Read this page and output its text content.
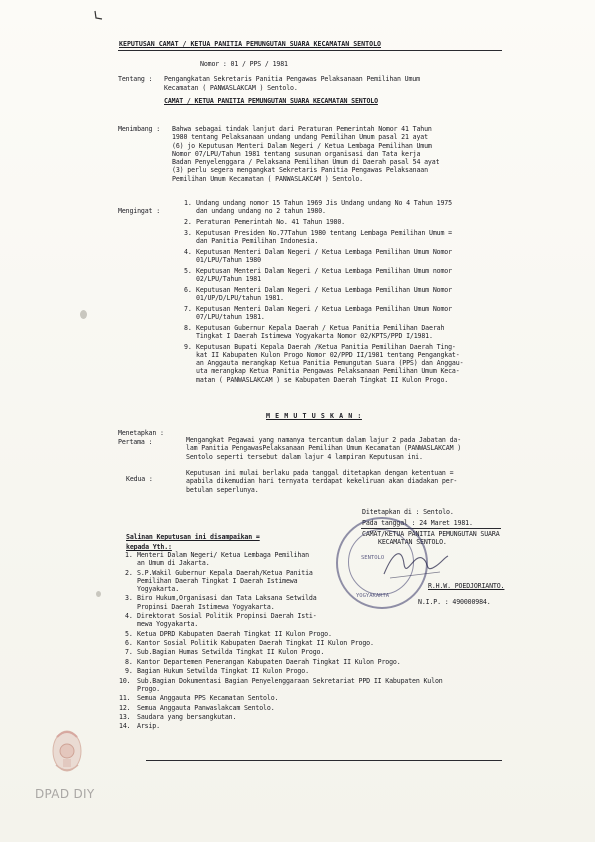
KEPUTUSAN CAMAT / KETUA PANITIA PEMUNGUTAN SUARA KECAMATAN SENTOLO
Nomor : 01 / PPS / 1981
Tentang : Pengangkatan Sekretaris Panitia Pengawas Pelaksanaan Pemilihan Umum
Kecamatan ( PANWASLAKCAM ) Sentolo.
CAMAT / KETUA PANITIA PEMUNGUTAN SUARA KECAMATAN SENTOLO
Menimbang : Bahwa sebagai tindak lanjut dari Peraturan Pemerintah Nomor 41 Tahun
1980 tentang Pelaksanaan undang undang Pemilihan Umum pasal 21 ayat
(6) jo Keputusan Menteri Dalam Negeri / Ketua Lembaga Pemilihan Umum
Nomor 07/LPU/Tahun 1981 tentang susunan organisasi dan Tata kerja
Badan Penyelenggara / Pelaksana Pemilihan Umum di Daerah pasal 54 ayat
(3) perlu segera mengangkat Sekretaris Panitia Pengawas Pelaksanaan
Pemilihan Umum Kecamatan ( PANWASLAKCAM ) Sentolo.
Mengingat :
1. Undang undang nomor 15 Tahun 1969 Jis Undang undang No 4 Tahun 1975
dan undang undang no 2 tahun 1980.
2. Peraturan Pemerintah No. 41 Tahun 1980.
3. Keputusan Presiden No.77Tahun 1980 tentang Lembaga Pemilihan Umum =
dan Panitia Pemilihan Indonesia.
4. Keputusan Menteri Dalam Negeri / Ketua Lembaga Pemilihan Umum Nomor
01/LPU/Tahun 1980
5. Keputusan Menteri Dalam Negeri / Ketua Lembaga Pemilihan Umum nomor
02/LPU/Tahun 1981
6. Keputusan Menteri Dalam Negeri / Ketua Lembaga Pemilihan Umum Nomor
01/UP/D/LPU/tahun 1981.
7. Keputusan Menteri Dalam Negeri / Ketua Lembaga Pemilihan Umum Nomor
07/LPU/tahun 1981.
8. Keputusan Gubernur Kepala Daerah / Ketua Panitia Pemilihan Daerah
Tingkat I Daerah Istimewa Yogyakarta Nomor 02/KPTS/PPD I/1981.
9. Keputusan Bupati Kepala Daerah /Ketua Panitia Pemilihan Daerah Ting-
kat II Kabupaten Kulon Progo Nomor 02/PPD II/1981 tentang Pengangkat-
an Anggauta merangkap Ketua Panitia Pemungutan Suara (PPS) dan Anggau-
uta merangkap Ketua Panitia Pengawas Pelaksanaan Pemilihan Umum Keca-
matan ( PANWASLAKCAM ) se Kabupaten Daerah Tingkat II Kulon Progo.
M E M U T U S K A N :
Menetapkan :
Pertama :	Mengangkat Pegawai yang namanya tercantum dalam lajur 2 pada Jabatan da-
lam Panitia PengawasPelaksanaan Pemilihan Umum Kecamatan (PANWASLAKCAM )
Sentolo seperti tersebut dalam lajur 4 lampiran Keputusan ini.
Kedua :
Keputusan ini mulai berlaku pada tanggal ditetapkan dengan ketentuan =
apabila dikemudian hari ternyata terdapat kekeliruan akan diadakan per-
betulan seperlunya.
Ditetapkan di : Sentolo.
Pada tanggal : 24 Maret 1981.
CAMAT/KETUA PANITIA PEMUNGUTAN SUARA
KECAMATAN SENTOLO.
SENTOLO
YOGYAKARTA
R.H.W. POEDJORIANTO.
N.I.P. : 490000984.
Salinan Keputusan ini disampaikan =
kepada Yth.:
1. Menteri Dalam Negeri/ Ketua Lembaga Pemilihan
an Umum di Jakarta.
2. S.P.Wakil Gubernur Kepala Daerah/Ketua Panitia
Pemilihan Daerah Tingkat I Daerah Istimewa
Yogyakarta.
3. Biro Hukum,Organisasi dan Tata Laksana Setwilda
Propinsi Daerah Istimewa Yogyakarta.
4. Direktorat Sosial Politik Propinsi Daerah Isti-
mewa Yogyakarta.
5. Ketua DPRD Kabupaten Daerah Tingkat II Kulon Progo.
6. Kantor Sosial Politik Kabupaten Daerah Tingkat II Kulon Progo.
7. Sub.Bagian Humas Setwilda Tingkat II Kulon Progo.
8. Kantor Departemen Penerangan Kabupaten Daerah Tingkat II Kulon Progo.
9. Bagian Hukum Setwilda Tingkat II Kulon Progo.
10. Sub.Bagian Dokumentasi Bagian Penyelenggaraan Sekretariat PPD II Kabupaten Kulon
Progo.
11. Semua Anggauta PPS Kecamatan Sentolo.
12. Semua Anggauta Panwaslakcam Sentolo.
13. Saudara yang bersangkutan.
14. Arsip.
DPAD DIY
